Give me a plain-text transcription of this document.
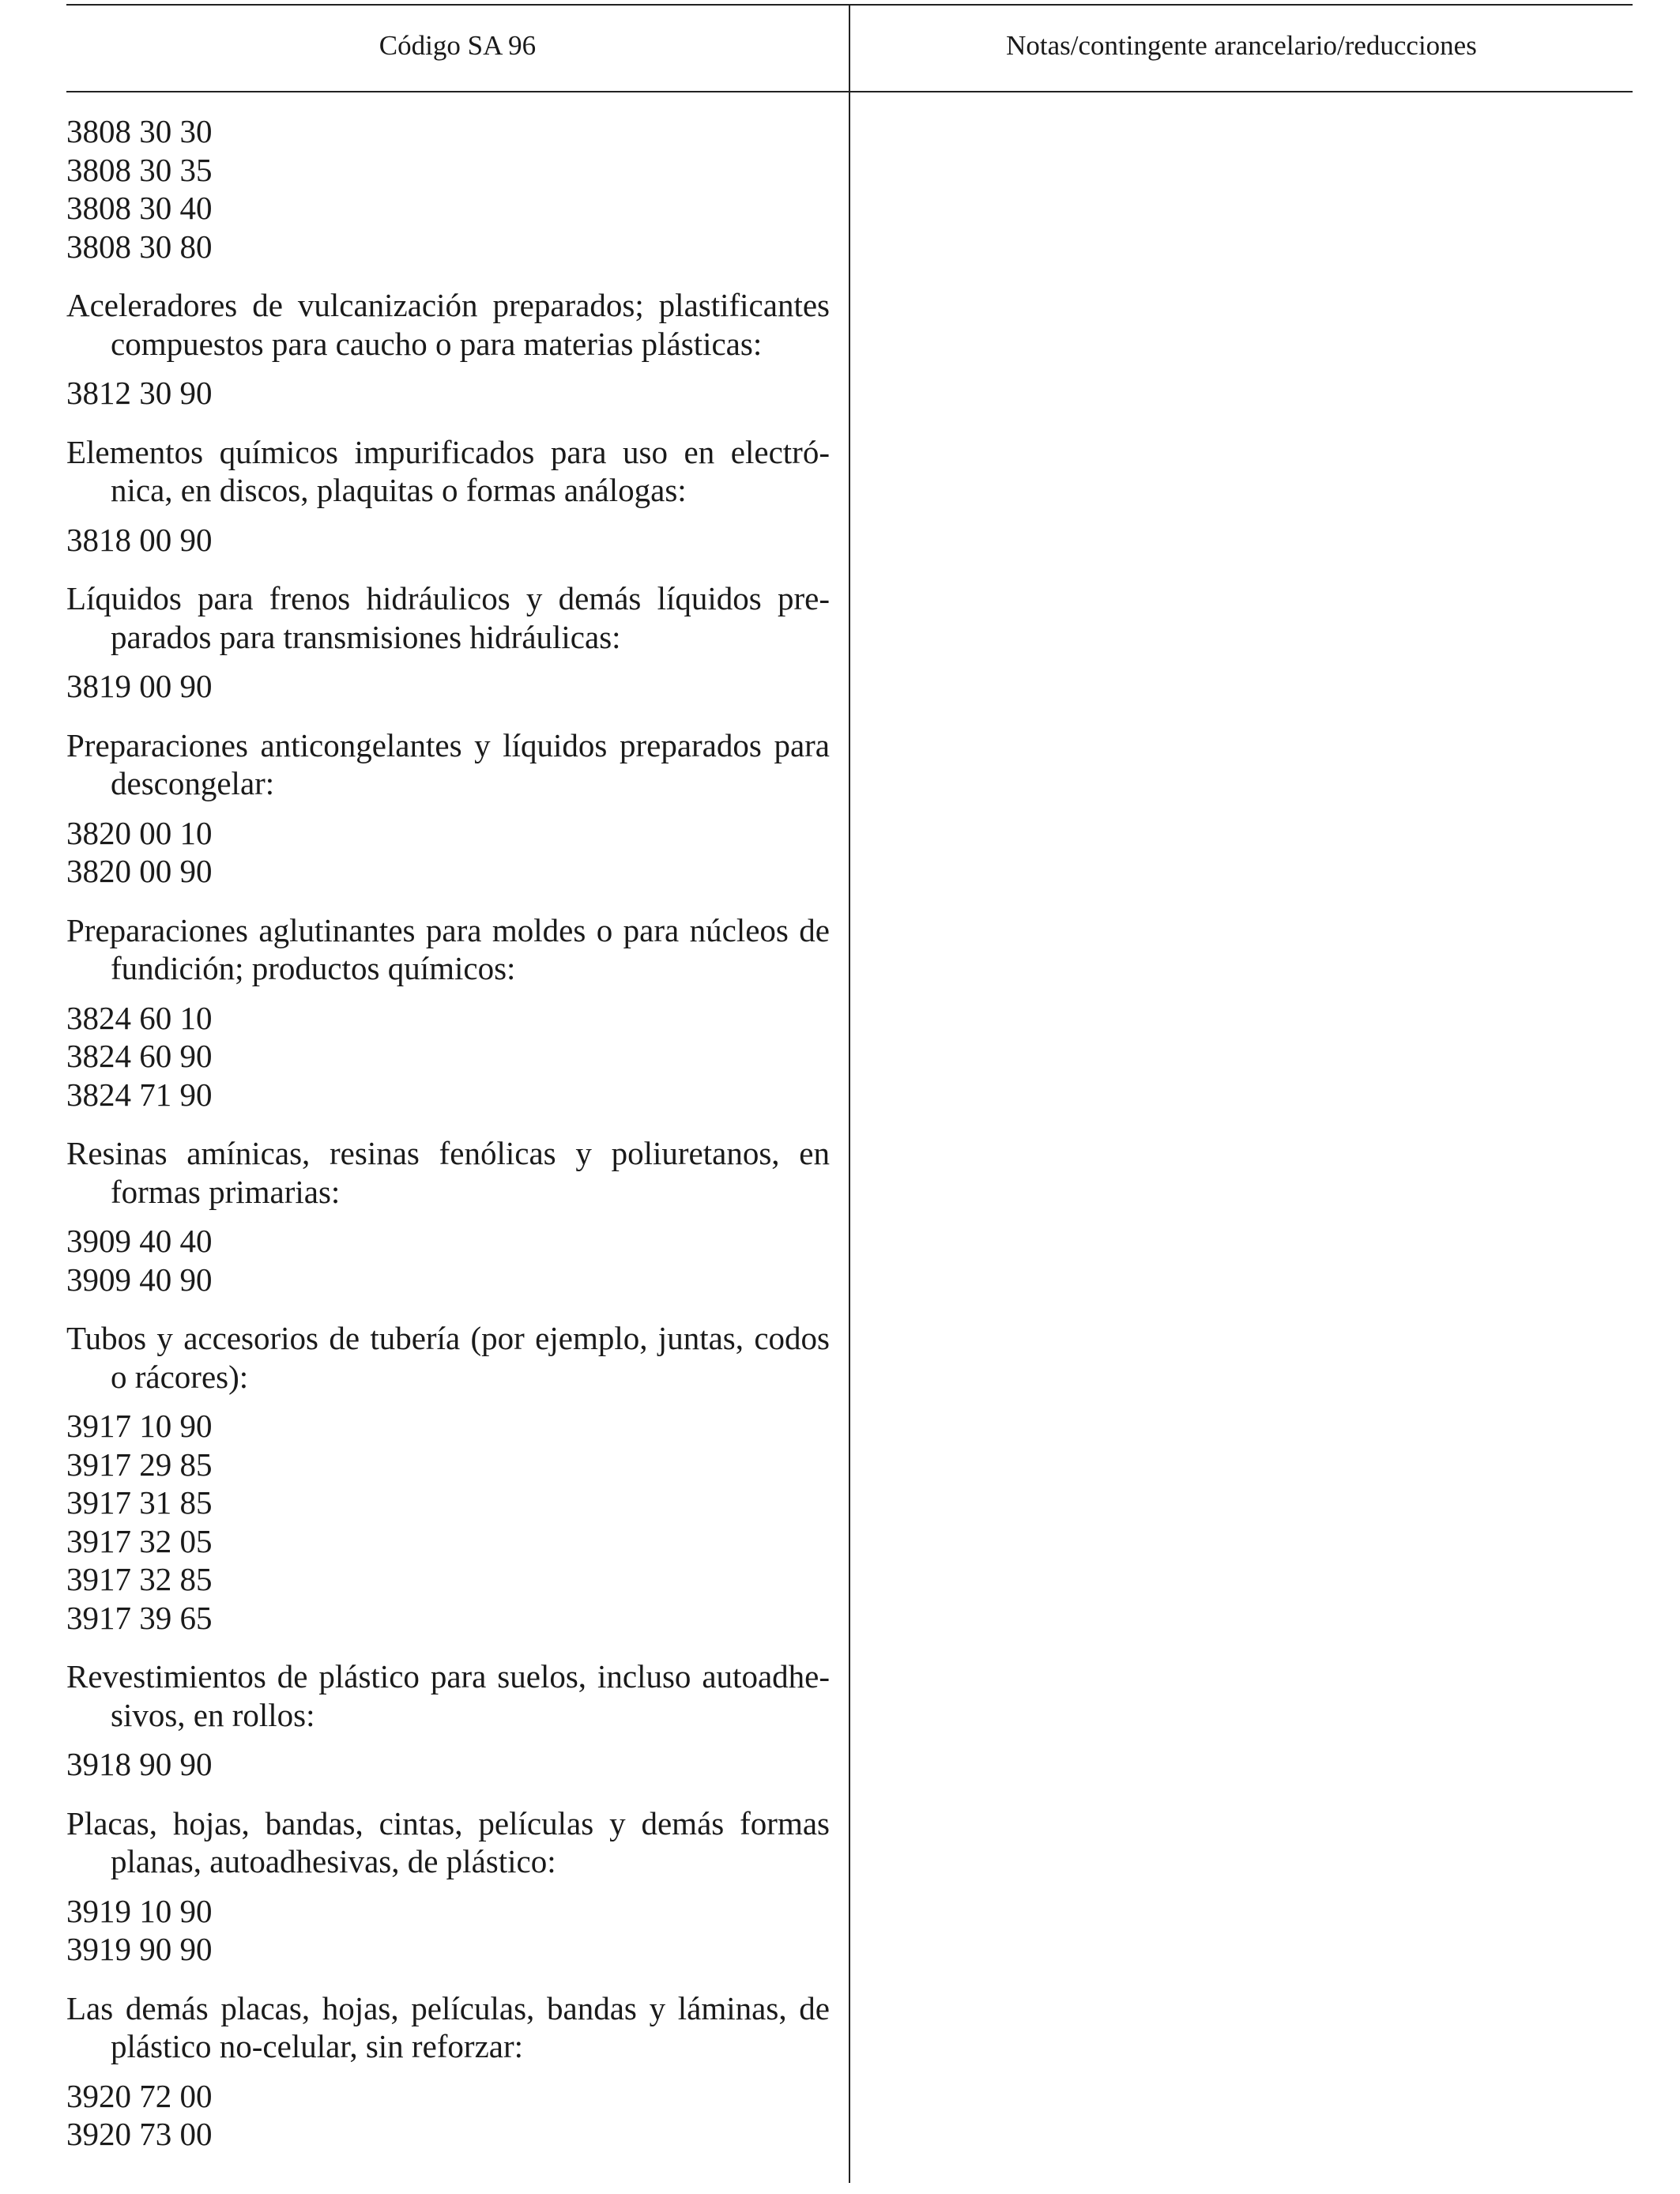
Código SA 96	Notas/contingente arancelario/reducciones
3808 30 30
3808 30 35
3808 30 40
3808 30 80
Aceleradores de vulcanización preparados; plastificantes compuestos para caucho o para materias plásticas:
3812 30 90
Elementos químicos impurificados para uso en electrónica, en discos, plaquitas o formas análogas:
3818 00 90
Líquidos para frenos hidráulicos y demás líquidos preparados para transmisiones hidráulicas:
3819 00 90
Preparaciones anticongelantes y líquidos preparados para descongelar:
3820 00 10
3820 00 90
Preparaciones aglutinantes para moldes o para núcleos de fundición; productos químicos:
3824 60 10
3824 60 90
3824 71 90
Resinas amínicas, resinas fenólicas y poliuretanos, en formas primarias:
3909 40 40
3909 40 90
Tubos y accesorios de tubería (por ejemplo, juntas, codos o rácores):
3917 10 90
3917 29 85
3917 31 85
3917 32 05
3917 32 85
3917 39 65
Revestimientos de plástico para suelos, incluso autoadhesivos, en rollos:
3918 90 90
Placas, hojas, bandas, cintas, películas y demás formas planas, autoadhesivas, de plástico:
3919 10 90
3919 90 90
Las demás placas, hojas, películas, bandas y láminas, de plástico no-celular, sin reforzar:
3920 72 00
3920 73 00
